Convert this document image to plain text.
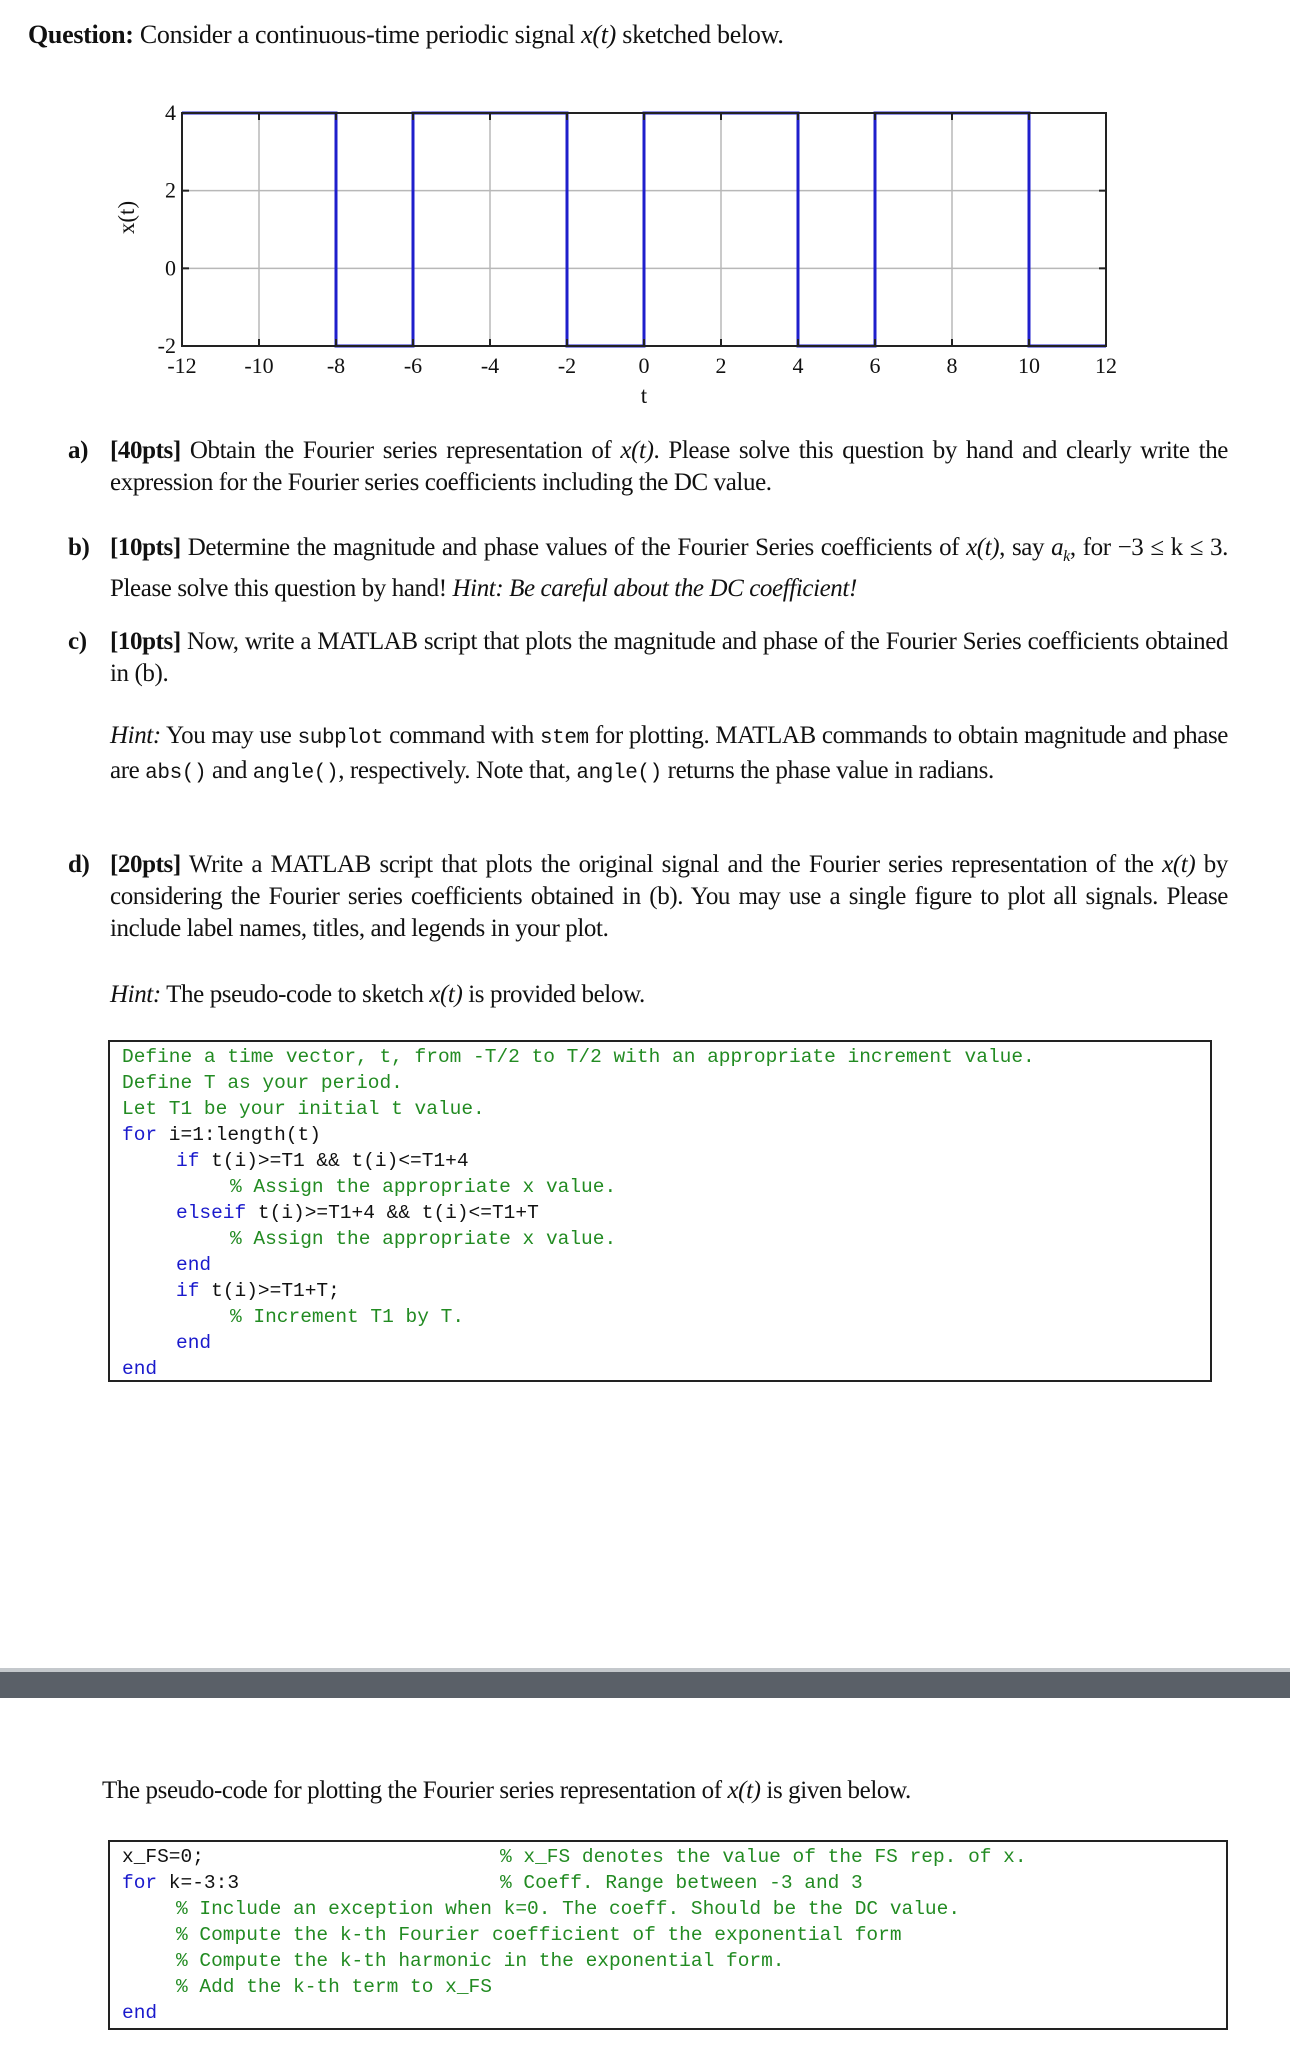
Question: Consider a continuous-time periodic signal x(t) sketched below.
-12 -10 -8	-6	-4	-2	0	2	4	6	8	10	12
-2
0
2
4
t
x(t)
a) [40pts] Obtain the Fourier series representation of x(t). Please solve this question by hand and clearly write the expression for the Fourier series coefficients including the DC value.
b) [10pts] Determine the magnitude and phase values of the Fourier Series coefficients of x(t), say $a_k$, for −3 ≤ k ≤ 3. Please solve this question by hand! Hint: Be careful about the DC coefficient!
c) [10pts] Now, write a MATLAB script that plots the magnitude and phase of the Fourier Series coefficients obtained in (b).
Hint: You may use subplot command with stem for plotting. MATLAB commands to obtain magnitude and phase are abs() and angle(), respectively. Note that, angle() returns the phase value in radians.
d) [20pts] Write a MATLAB script that plots the original signal and the Fourier series representation of the x(t) by considering the Fourier series coefficients obtained in (b). You may use a single figure to plot all signals. Please include label names, titles, and legends in your plot.
Hint: The pseudo-code to sketch x(t) is provided below.
Define a time vector, t, from -T/2 to T/2 with an appropriate increment value.
Define T as your period.
Let T1 be your initial t value.
for i=1:length(t)
if t(i)>=T1 && t(i)<=T1+4
% Assign the appropriate x value.
elseif t(i)>=T1+4 && t(i)<=T1+T
% Assign the appropriate x value.
end
if t(i)>=T1+T;
% Increment T1 by T.
end
end
The pseudo-code for plotting the Fourier series representation of x(t) is given below.
x_FS=0;	% x_FS denotes the value of the FS rep. of x.
for k=-3:3	% Coeff. Range between -3 and 3
% Include an exception when k=0. The coeff. Should be the DC value.
% Compute the k-th Fourier coefficient of the exponential form
% Compute the k-th harmonic in the exponential form.
% Add the k-th term to x_FS
end
